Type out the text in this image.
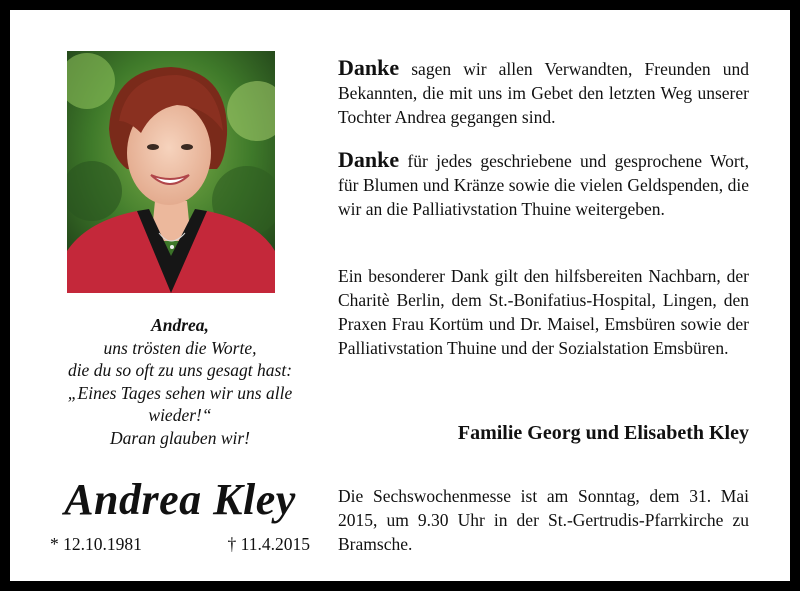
Andrea,
uns trösten die Worte,
die du so oft zu uns gesagt hast:
„Eines Tages sehen wir uns alle
wieder!“
Daran glauben wir!
Andrea Kley
* 12.10.1981	† 11.4.2015

Danke sagen wir allen Verwandten, Freunden und Bekannten, die mit uns im Gebet den letzten Weg unserer Tochter Andrea gegangen sind.

Danke für jedes geschriebene und gesprochene Wort, für Blumen und Kränze sowie die vielen Geldspenden, die wir an die Palliativstation Thuine weitergeben.

Ein besonderer Dank gilt den hilfsbereiten Nachbarn, der Charitè Berlin, dem St.-Bonifatius-Hospital, Lingen, den Praxen Frau Kortüm und Dr. Maisel, Emsbüren sowie der Palliativstation Thuine und der Sozialstation Emsbüren.

Familie Georg und Elisabeth Kley

Die Sechswochenmesse ist am Sonntag, dem 31. Mai 2015, um 9.30 Uhr in der St.-Gertrudis-Pfarrkirche zu Bramsche.
